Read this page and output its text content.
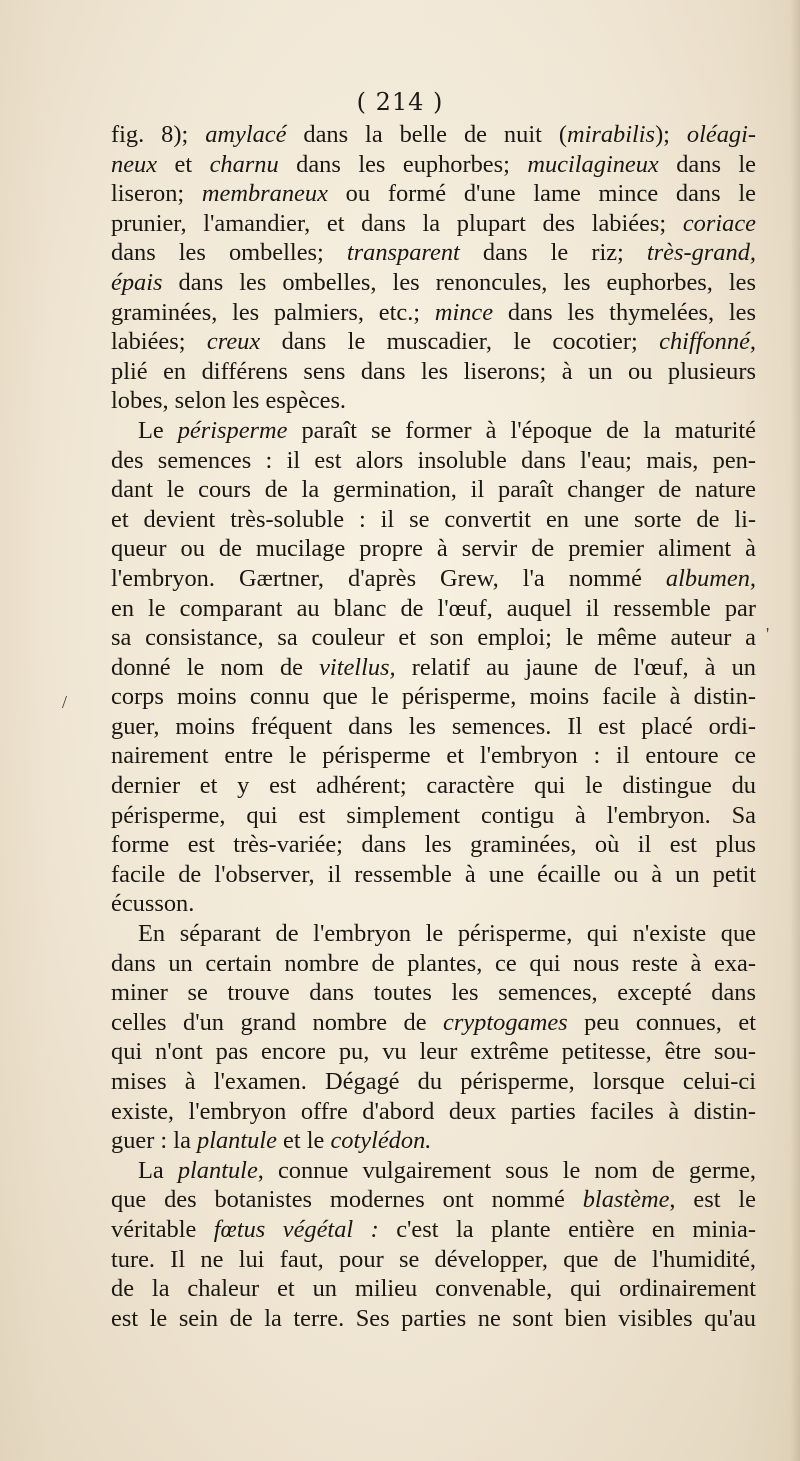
( 214 )
fig. 8); amylacé dans la belle de nuit (mirabilis); oléagi-
neux et charnu dans les euphorbes; mucilagineux dans le
liseron; membraneux ou formé d'une lame mince dans le
prunier, l'amandier, et dans la plupart des labiées; coriace
dans les ombelles; transparent dans le riz; très-grand,
épais dans les ombelles, les renoncules, les euphorbes, les
graminées, les palmiers, etc.; mince dans les thymelées, les
labiées; creux dans le muscadier, le cocotier; chiffonné,
plié en différens sens dans les liserons; à un ou plusieurs
lobes, selon les espèces.
Le périsperme paraît se former à l'époque de la maturité
des semences : il est alors insoluble dans l'eau; mais, pen-
dant le cours de la germination, il paraît changer de nature
et devient très-soluble : il se convertit en une sorte de li-
queur ou de mucilage propre à servir de premier aliment à
l'embryon. Gærtner, d'après Grew, l'a nommé albumen,
en le comparant au blanc de l'œuf, auquel il ressemble par
sa consistance, sa couleur et son emploi; le même auteur a
donné le nom de vitellus, relatif au jaune de l'œuf, à un
corps moins connu que le périsperme, moins facile à distin-
guer, moins fréquent dans les semences. Il est placé ordi-
nairement entre le périsperme et l'embryon : il entoure ce
dernier et y est adhérent; caractère qui le distingue du
périsperme, qui est simplement contigu à l'embryon. Sa
forme est très-variée; dans les graminées, où il est plus
facile de l'observer, il ressemble à une écaille ou à un petit
écusson.
En séparant de l'embryon le périsperme, qui n'existe que
dans un certain nombre de plantes, ce qui nous reste à exa-
miner se trouve dans toutes les semences, excepté dans
celles d'un grand nombre de cryptogames peu connues, et
qui n'ont pas encore pu, vu leur extrême petitesse, être sou-
mises à l'examen. Dégagé du périsperme, lorsque celui-ci
existe, l'embryon offre d'abord deux parties faciles à distin-
guer : la plantule et le cotylédon.
La plantule, connue vulgairement sous le nom de germe,
que des botanistes modernes ont nommé blastème, est le
véritable fœtus végétal : c'est la plante entière en minia-
ture. Il ne lui faut, pour se développer, que de l'humidité,
de la chaleur et un milieu convenable, qui ordinairement
est le sein de la terre. Ses parties ne sont bien visibles qu'au
/
'
